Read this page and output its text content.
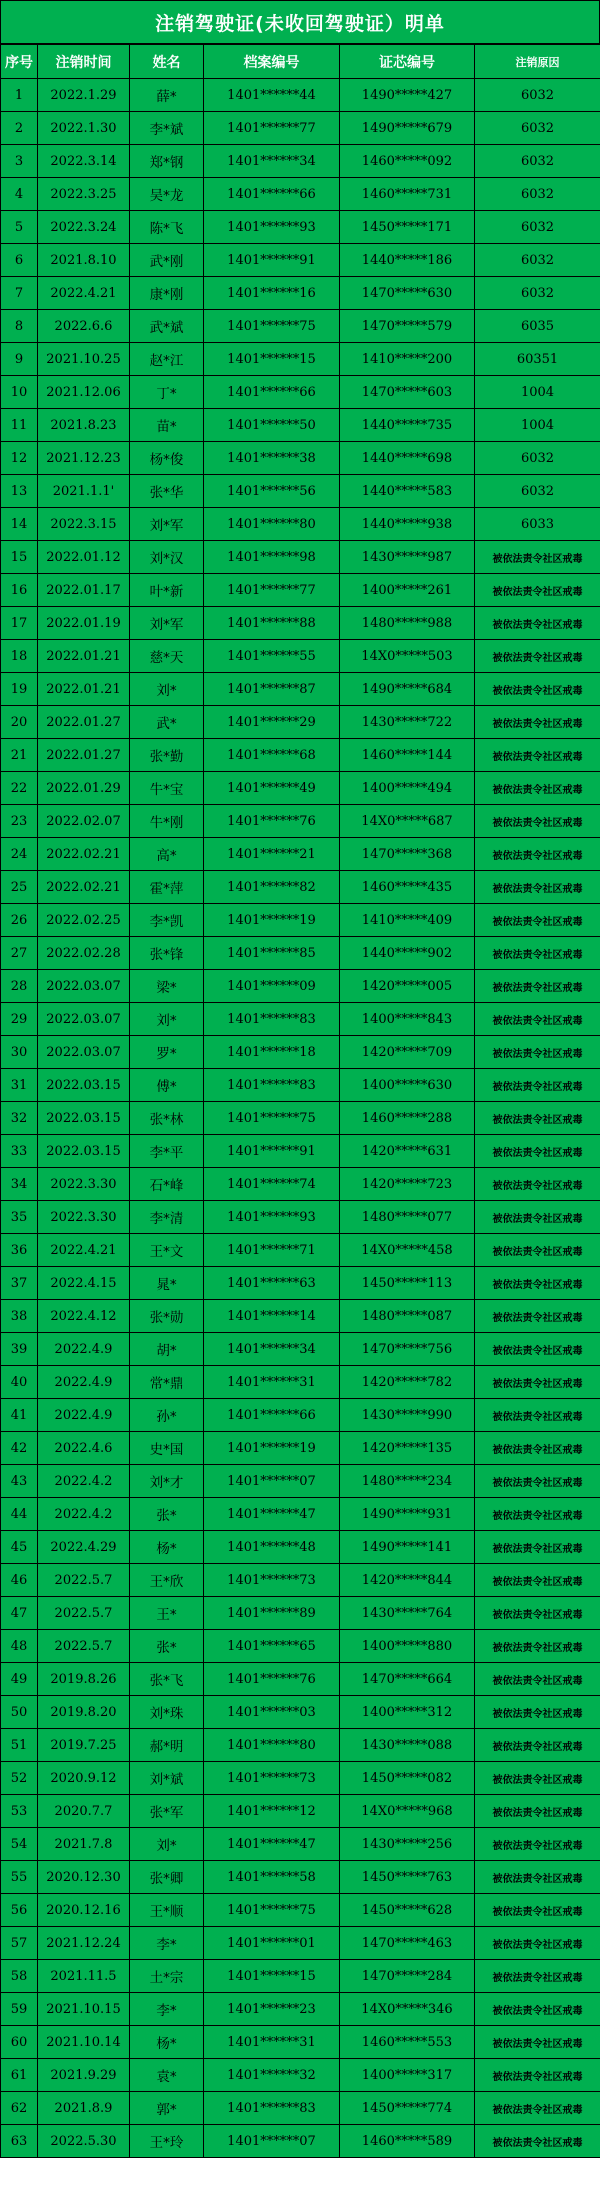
注销驾驶证(未收回驾驶证）明单
序号	注销时间	姓名	档案编号	证芯编号	注销原因
1	2022.1.29	薛*	1401******44	1490*****427	6032
2	2022.1.30	李*斌	1401******77	1490*****679	6032
3	2022.3.14	郑*钢	1401******34	1460*****092	6032
4	2022.3.25	吴*龙	1401******66	1460*****731	6032
5	2022.3.24	陈*飞	1401******93	1450*****171	6032
6	2021.8.10	武*刚	1401******91	1440*****186	6032
7	2022.4.21	康*刚	1401******16	1470*****630	6032
8	2022.6.6	武*斌	1401******75	1470*****579	6035
9	2021.10.25	赵*江	1401******15	1410*****200	60351
10	2021.12.06	丁*	1401******66	1470*****603	1004
11	2021.8.23	苗*	1401******50	1440*****735	1004
12	2021.12.23	杨*俊	1401******38	1440*****698	6032
13	2021.1.1'	张*华	1401******56	1440*****583	6032
14	2022.3.15	刘*军	1401******80	1440*****938	6033
15	2022.01.12	刘*汉	1401******98	1430*****987	被依法责令社区戒毒
16	2022.01.17	叶*新	1401******77	1400*****261	被依法责令社区戒毒
17	2022.01.19	刘*军	1401******88	1480*****988	被依法责令社区戒毒
18	2022.01.21	慈*天	1401******55	14X0*****503	被依法责令社区戒毒
19	2022.01.21	刘*	1401******87	1490*****684	被依法责令社区戒毒
20	2022.01.27	武*	1401******29	1430*****722	被依法责令社区戒毒
21	2022.01.27	张*勤	1401******68	1460*****144	被依法责令社区戒毒
22	2022.01.29	牛*宝	1401******49	1400*****494	被依法责令社区戒毒
23	2022.02.07	牛*刚	1401******76	14X0*****687	被依法责令社区戒毒
24	2022.02.21	高*	1401******21	1470*****368	被依法责令社区戒毒
25	2022.02.21	霍*萍	1401******82	1460*****435	被依法责令社区戒毒
26	2022.02.25	李*凯	1401******19	1410*****409	被依法责令社区戒毒
27	2022.02.28	张*锋	1401******85	1440*****902	被依法责令社区戒毒
28	2022.03.07	梁*	1401******09	1420*****005	被依法责令社区戒毒
29	2022.03.07	刘*	1401******83	1400*****843	被依法责令社区戒毒
30	2022.03.07	罗*	1401******18	1420*****709	被依法责令社区戒毒
31	2022.03.15	傅*	1401******83	1400*****630	被依法责令社区戒毒
32	2022.03.15	张*林	1401******75	1460*****288	被依法责令社区戒毒
33	2022.03.15	李*平	1401******91	1420*****631	被依法责令社区戒毒
34	2022.3.30	石*峰	1401******74	1420*****723	被依法责令社区戒毒
35	2022.3.30	李*清	1401******93	1480*****077	被依法责令社区戒毒
36	2022.4.21	王*文	1401******71	14X0*****458	被依法责令社区戒毒
37	2022.4.15	晁*	1401******63	1450*****113	被依法责令社区戒毒
38	2022.4.12	张*勋	1401******14	1480*****087	被依法责令社区戒毒
39	2022.4.9	胡*	1401******34	1470*****756	被依法责令社区戒毒
40	2022.4.9	常*鼎	1401******31	1420*****782	被依法责令社区戒毒
41	2022.4.9	孙*	1401******66	1430*****990	被依法责令社区戒毒
42	2022.4.6	史*国	1401******19	1420*****135	被依法责令社区戒毒
43	2022.4.2	刘*才	1401******07	1480*****234	被依法责令社区戒毒
44	2022.4.2	张*	1401******47	1490*****931	被依法责令社区戒毒
45	2022.4.29	杨*	1401******48	1490*****141	被依法责令社区戒毒
46	2022.5.7	王*欣	1401******73	1420*****844	被依法责令社区戒毒
47	2022.5.7	王*	1401******89	1430*****764	被依法责令社区戒毒
48	2022.5.7	张*	1401******65	1400*****880	被依法责令社区戒毒
49	2019.8.26	张*飞	1401******76	1470*****664	被依法责令社区戒毒
50	2019.8.20	刘*珠	1401******03	1400*****312	被依法责令社区戒毒
51	2019.7.25	郝*明	1401******80	1430*****088	被依法责令社区戒毒
52	2020.9.12	刘*斌	1401******73	1450*****082	被依法责令社区戒毒
53	2020.7.7	张*军	1401******12	14X0*****968	被依法责令社区戒毒
54	2021.7.8	刘*	1401******47	1430*****256	被依法责令社区戒毒
55	2020.12.30	张*卿	1401******58	1450*****763	被依法责令社区戒毒
56	2020.12.16	王*顺	1401******75	1450*****628	被依法责令社区戒毒
57	2021.12.24	李*	1401******01	1470*****463	被依法责令社区戒毒
58	2021.11.5	土*宗	1401******15	1470*****284	被依法责令社区戒毒
59	2021.10.15	李*	1401******23	14X0*****346	被依法责令社区戒毒
60	2021.10.14	杨*	1401******31	1460*****553	被依法责令社区戒毒
61	2021.9.29	袁*	1401******32	1400*****317	被依法责令社区戒毒
62	2021.8.9	郭*	1401******83	1450*****774	被依法责令社区戒毒
63	2022.5.30	王*玲	1401******07	1460*****589	被依法责令社区戒毒
